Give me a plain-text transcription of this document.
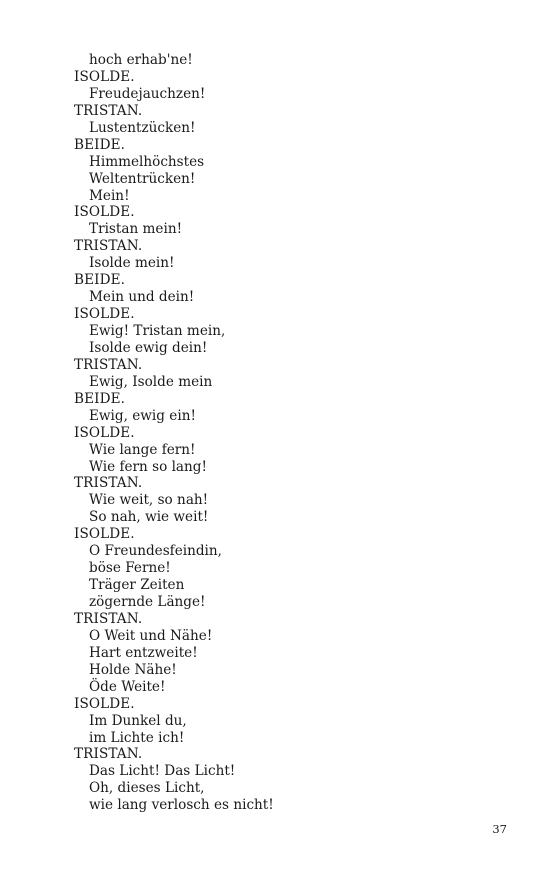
hoch erhab'ne!
ISOLDE.
Freudejauchzen!
TRISTAN.
Lustentzücken!
BEIDE.
Himmelhöchstes
Weltentrücken!
Mein!
ISOLDE.
Tristan mein!
TRISTAN.
Isolde mein!
BEIDE.
Mein und dein!
ISOLDE.
Ewig! Tristan mein,
Isolde ewig dein!
TRISTAN.
Ewig, Isolde mein
BEIDE.
Ewig, ewig ein!
ISOLDE.
Wie lange fern!
Wie fern so lang!
TRISTAN.
Wie weit, so nah!
So nah, wie weit!
ISOLDE.
O Freundesfeindin,
böse Ferne!
Träger Zeiten
zögernde Länge!
TRISTAN.
O Weit und Nähe!
Hart entzweite!
Holde Nähe!
Öde Weite!
ISOLDE.
Im Dunkel du,
im Lichte ich!
TRISTAN.
Das Licht! Das Licht!
Oh, dieses Licht,
wie lang verlosch es nicht!
37
